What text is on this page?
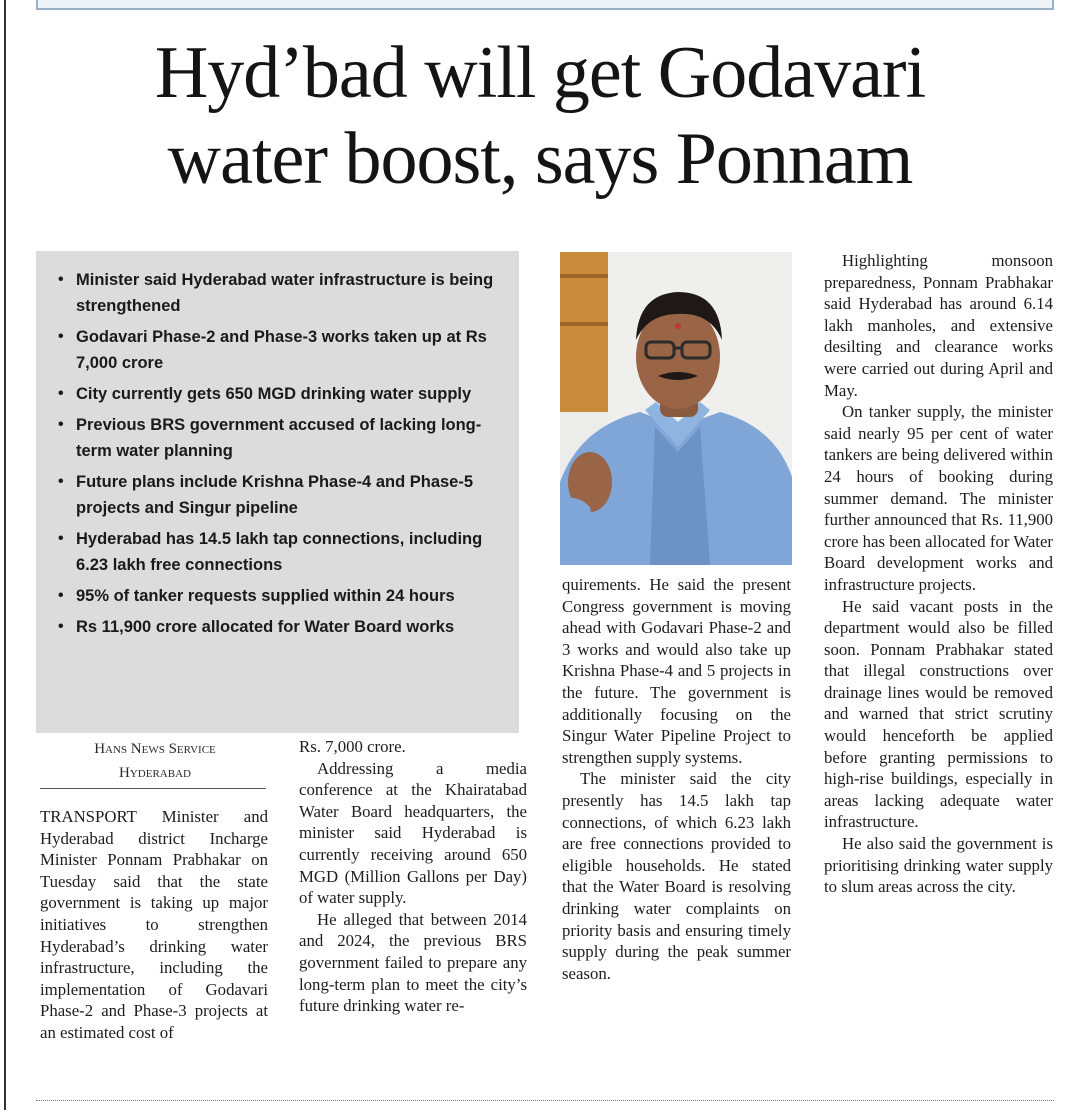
Hyd’bad will get Godavari
water boost, says Ponnam
• Minister said Hyderabad water infrastructure is being strengthened
• Godavari Phase-2 and Phase-3 works taken up at Rs 7,000 crore
• City currently gets 650 MGD drinking water supply
• Previous BRS government accused of lacking long-term water planning
• Future plans include Krishna Phase-4 and Phase-5 projects and Singur pipeline
• Hyderabad has 14.5 lakh tap connections, including 6.23 lakh free connections
• 95% of tanker requests supplied within 24 hours
• Rs 11,900 crore allocated for Water Board works
Hans News Service
Hyderabad

TRANSPORT Minister and Hyderabad district Incharge Minister Ponnam Prabhakar on Tuesday said that the state government is taking up major initiatives to strengthen Hyderabad’s drinking water infrastructure, including the implementation of Godavari Phase-2 and Phase-3 projects at an estimated cost of

Rs. 7,000 crore.

Addressing a media conference at the Khairatabad Water Board headquarters, the minister said Hyderabad is currently receiving around 650 MGD (Million Gallons per Day) of water supply.

He alleged that between 2014 and 2024, the previous BRS government failed to prepare any long-term plan to meet the city’s future drinking water re-

quirements. He said the present Congress government is moving ahead with Godavari Phase-2 and 3 works and would also take up Krishna Phase-4 and 5 projects in the future. The government is additionally focusing on the Singur Water Pipeline Project to strengthen supply systems.

The minister said the city presently has 14.5 lakh tap connections, of which 6.23 lakh are free connections provided to eligible households. He stated that the Water Board is resolving drinking water complaints on priority basis and ensuring timely supply during the peak summer season.

Highlighting monsoon preparedness, Ponnam Prabhakar said Hyderabad has around 6.14 lakh manholes, and extensive desilting and clearance works were carried out during April and May.

On tanker supply, the minister said nearly 95 per cent of water tankers are being delivered within 24 hours of booking during summer demand. The minister further announced that Rs. 11,900 crore has been allocated for Water Board development works and infrastructure projects.

He said vacant posts in the department would also be filled soon. Ponnam Prabhakar stated that illegal constructions over drainage lines would be removed and warned that strict scrutiny would henceforth be applied before granting permissions to high-rise buildings, especially in areas lacking adequate water infrastructure.

He also said the government is prioritising drinking water supply to slum areas across the city.
